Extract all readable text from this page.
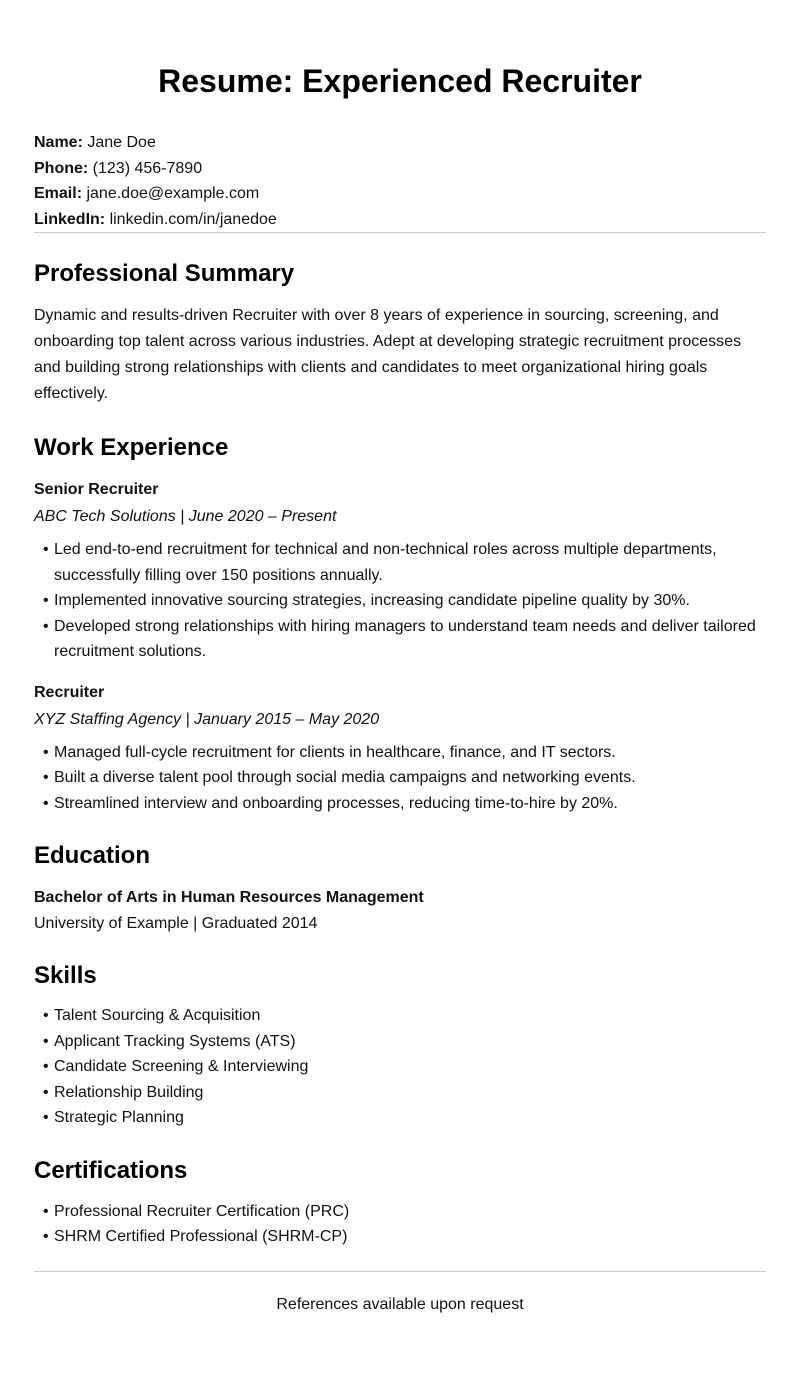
Resume: Experienced Recruiter
Name: Jane Doe
Phone: (123) 456-7890
Email: jane.doe@example.com
LinkedIn: linkedin.com/in/janedoe
Professional Summary

Dynamic and results-driven Recruiter with over 8 years of experience in sourcing, screening, and onboarding top talent across various industries. Adept at developing strategic recruitment processes and building strong relationships with clients and candidates to meet organizational hiring goals effectively.

Work Experience
Senior Recruiter
ABC Tech Solutions | June 2020 – Present
• Led end-to-end recruitment for technical and non-technical roles across multiple departments, successfully filling over 150 positions annually.
• Implemented innovative sourcing strategies, increasing candidate pipeline quality by 30%.
• Developed strong relationships with hiring managers to understand team needs and deliver tailored recruitment solutions.
Recruiter
XYZ Staffing Agency | January 2015 – May 2020
• Managed full-cycle recruitment for clients in healthcare, finance, and IT sectors.
• Built a diverse talent pool through social media campaigns and networking events.
• Streamlined interview and onboarding processes, reducing time-to-hire by 20%.
Education
Bachelor of Arts in Human Resources Management
University of Example | Graduated 2014
Skills
• Talent Sourcing & Acquisition
• Applicant Tracking Systems (ATS)
• Candidate Screening & Interviewing
• Relationship Building
• Strategic Planning
Certifications
• Professional Recruiter Certification (PRC)
• SHRM Certified Professional (SHRM-CP)
References available upon request
